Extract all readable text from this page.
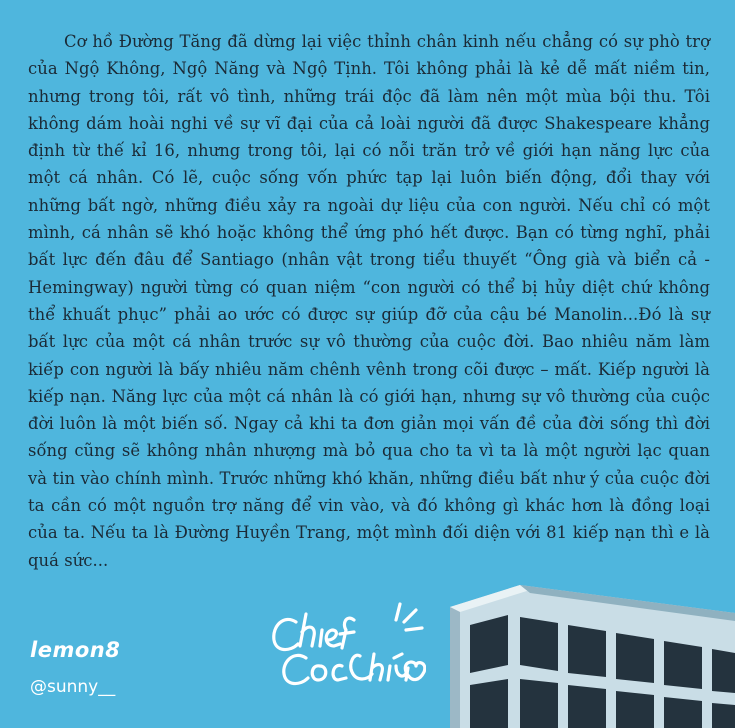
Cơ hồ Đường Tăng đã dừng lại việc thỉnh chân kinh nếu chẳng có sự phò trợ của Ngộ Không, Ngộ Năng và Ngộ Tịnh. Tôi không phải là kẻ dễ mất niềm tin, nhưng trong tôi, rất vô tình, những trái độc đã làm nên một mùa bội thu. Tôi không dám hoài nghi về sự vĩ đại của cả loài người đã được Shakespeare khẳng định từ thế kỉ 16, nhưng trong tôi, lại có nỗi trăn trở về giới hạn năng lực của một cá nhân. Có lẽ, cuộc sống vốn phức tạp lại luôn biến động, đổi thay với những bất ngờ, những điều xảy ra ngoài dự liệu của con người. Nếu chỉ có một mình, cá nhân sẽ khó hoặc không thể ứng phó hết được. Bạn có từng nghĩ, phải bất lực đến đâu để Santiago (nhân vật trong tiểu thuyết “Ông già và biển cả - Hemingway) người từng có quan niệm “con người có thể bị hủy diệt chứ không thể khuất phục” phải ao ước có được sự giúp đỡ của cậu bé Manolin...Đó là sự bất lực của một cá nhân trước sự vô thường của cuộc đời. Bao nhiêu năm làm kiếp con người là bấy nhiêu năm chênh vênh trong cõi được – mất. Kiếp người là kiếp nạn. Năng lực của một cá nhân là có giới hạn, nhưng sự vô thường của cuộc đời luôn là một biến số. Ngay cả khi ta đơn giản mọi vấn đề của đời sống thì đời sống cũng sẽ không nhân nhượng mà bỏ qua cho ta vì ta là một người lạc quan và tin vào chính mình. Trước những khó khăn, những điều bất như ý của cuộc đời ta cần có một nguồn trợ năng để vin vào, và đó không gì khác hơn là đồng loại của ta. Nếu ta là Đường Huyền Trang, một mình đối diện với 81 kiếp nạn thì e là quá sức...

lemon8
@sunny__
